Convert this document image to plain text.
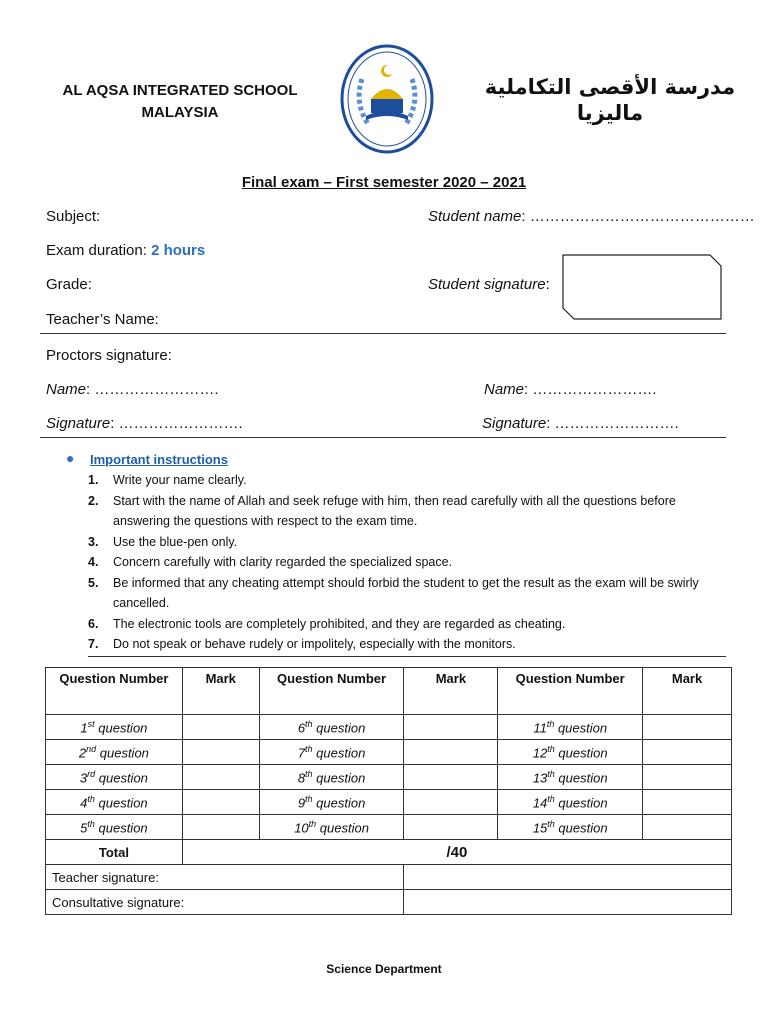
AL AQSA INTEGRATED SCHOOL
MALAYSIA
مدرسة الأقصى التكاملية
ماليزيا
Final exam – First semester 2020 – 2021
Subject:	Student name: ………………………………………
Exam duration: 2 hours
Grade:	Student signature:
Teacher’s Name:
Proctors signature:
Name: …………………….	Name: …………………….
Signature: …………………….	Signature: …………………….
● Important instructions
1. Write your name clearly.
2. Start with the name of Allah and seek refuge with him, then read carefully with all the questions before answering the questions with respect to the exam time.
3. Use the blue-pen only.
4. Concern carefully with clarity regarded the specialized space.
5. Be informed that any cheating attempt should forbid the student to get the result as the exam will be swirly cancelled.
6. The electronic tools are completely prohibited, and they are regarded as cheating.
7. Do not speak or behave rudely or impolitely, especially with the monitors.
Question Number	Mark	Question Number	Mark	Question Number	Mark
1st question		6th question		11th question	
2nd question		7th question		12th question	
3rd question		8th question		13th question	
4th question		9th question		14th question	
5th question		10th question		15th question	
Total	/40				
Teacher signature:					
Consultative signature:					
Science Department
